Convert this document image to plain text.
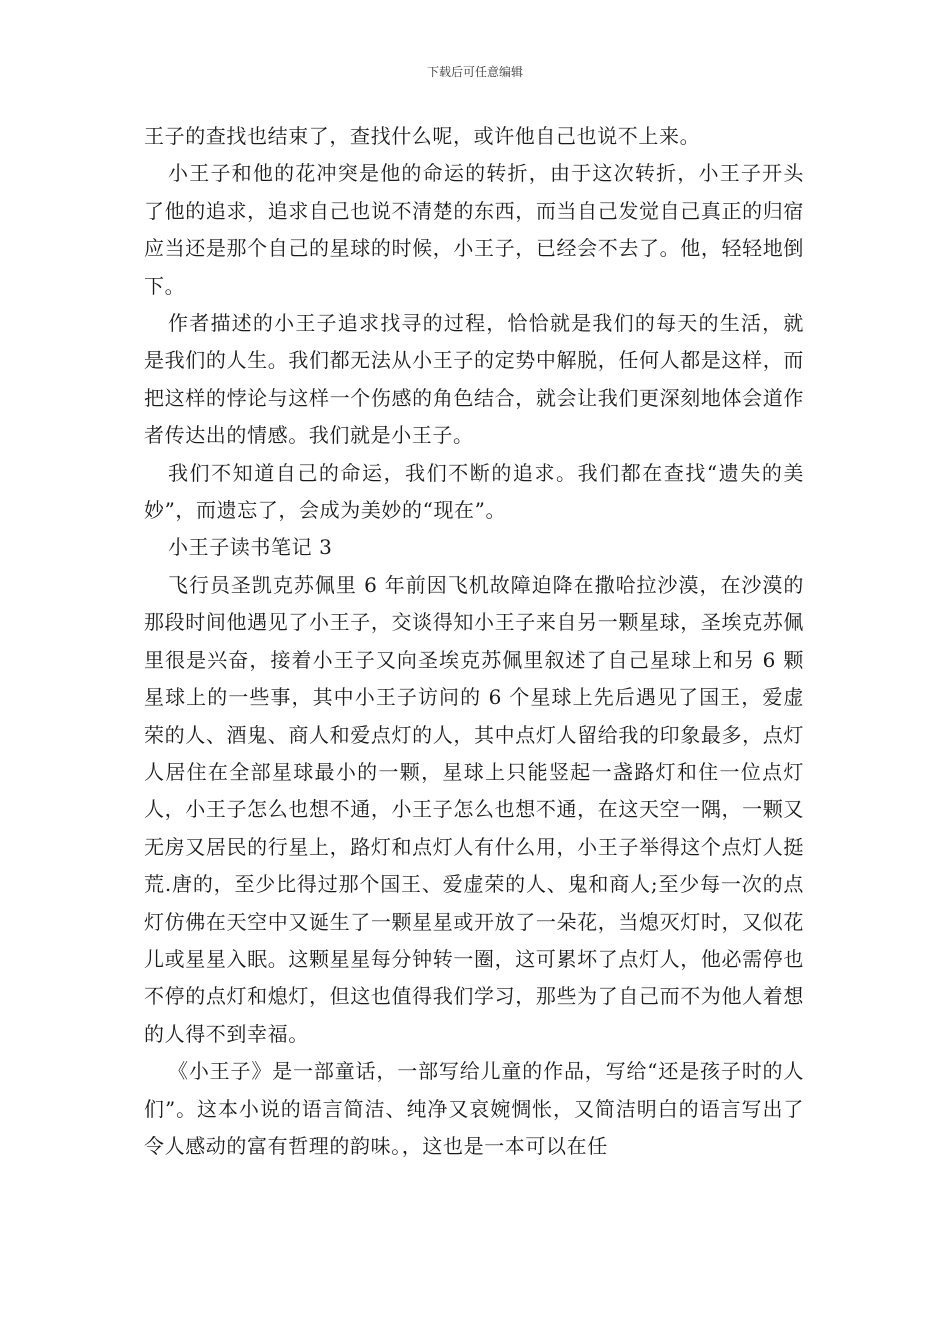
下载后可任意编辑

王子的查找也结束了，查找什么呢，或许他自己也说不上来。

小王子和他的花冲突是他的命运的转折，由于这次转折，小王子开头了他的追求，追求自己也说不清楚的东西，而当自己发觉自己真正的归宿应当还是那个自己的星球的时候，小王子，已经会不去了。他，轻轻地倒下。

作者描述的小王子追求找寻的过程，恰恰就是我们的每天的生活，就是我们的人生。我们都无法从小王子的定势中解脱，任何人都是这样，而把这样的悖论与这样一个伤感的角色结合，就会让我们更深刻地体会道作者传达出的情感。我们就是小王子。

我们不知道自己的命运，我们不断的追求。我们都在查找“遗失的美妙”，而遗忘了，会成为美妙的“现在”。

小王子读书笔记 3

飞行员圣凯克苏佩里 6 年前因飞机故障迫降在撒哈拉沙漠，在沙漠的那段时间他遇见了小王子，交谈得知小王子来自另一颗星球，圣埃克苏佩里很是兴奋，接着小王子又向圣埃克苏佩里叙述了自己星球上和另 6 颗星球上的一些事，其中小王子访问的 6 个星球上先后遇见了国王，爱虚荣的人、酒鬼、商人和爱点灯的人，其中点灯人留给我的印象最多，点灯人居住在全部星球最小的一颗，星球上只能竖起一盏路灯和住一位点灯人，小王子怎么也想不通，小王子怎么也想不通，在这天空一隅，一颗又无房又居民的行星上，路灯和点灯人有什么用，小王子举得这个点灯人挺荒.唐的，至少比得过那个国王、爱虚荣的人、鬼和商人;至少每一次的点灯仿佛在天空中又诞生了一颗星星或开放了一朵花，当熄灭灯时，又似花儿或星星入眠。这颗星星每分钟转一圈，这可累坏了点灯人，他必需停也不停的点灯和熄灯，但这也值得我们学习，那些为了自己而不为他人着想的人得不到幸福。

《小王子》是一部童话，一部写给儿童的作品，写给“还是孩子时的人们”。这本小说的语言简洁、纯净又哀婉惆怅，又简洁明白的语言写出了令人感动的富有哲理的韵味。，这也是一本可以在任
